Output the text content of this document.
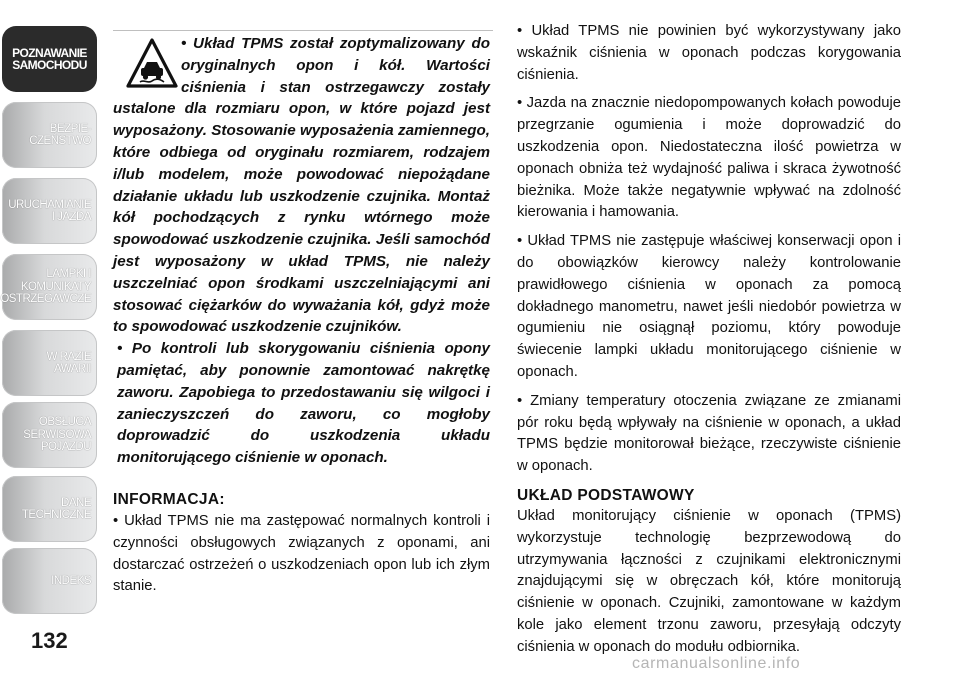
POZNAWANIE
SAMOCHODU
BEZPIE-
CZEŃSTWO
URUCHAMIANIE
I JAZDA
LAMPKI I
KOMUNIKATY
OSTRZEGAWCZE
W RAZIE
AWARII
OBSŁUGA
SERWISOWA
POJAZDU
DANE
TECHNICZNE
INDEKS
132

• Układ TPMS został zoptymalizowany do oryginalnych opon i kół. Wartości ciśnienia i stan ostrzegawczy zostały ustalone dla rozmiaru opon, w które pojazd jest wyposażony. Stosowanie wyposażenia zamiennego, które odbiega od oryginału rozmiarem, rodzajem i/lub modelem, może powodować niepożądane działanie układu lub uszkodzenie czujnika. Montaż kół pochodzących z rynku wtórnego może spowodować uszkodzenie czujnika. Jeśli samochód jest wyposażony w układ TPMS, nie należy uszczelniać opon środkami uszczelniającymi ani stosować ciężarków do wyważania kół, gdyż może to spowodować uszkodzenie czujników.

• Po kontroli lub skorygowaniu ciśnienia opony pamiętać, aby ponownie zamontować nakrętkę zaworu. Zapobiega to przedostawaniu się wilgoci i zanieczyszczeń do zaworu, co mogłoby doprowadzić do uszkodzenia układu monitorującego ciśnienie w oponach.

INFORMACJA:

• Układ TPMS nie ma zastępować normalnych kontroli i czynności obsługowych związanych z oponami, ani dostarczać ostrzeżeń o uszkodzeniach opon lub ich złym stanie.

• Układ TPMS nie powinien być wykorzystywany jako wskaźnik ciśnienia w oponach podczas korygowania ciśnienia.

• Jazda na znacznie niedopompowanych kołach powoduje przegrzanie ogumienia i może doprowadzić do uszkodzenia opon. Niedostateczna ilość powietrza w oponach obniża też wydajność paliwa i skraca żywotność bieżnika. Może także negatywnie wpływać na zdolność kierowania i hamowania.

• Układ TPMS nie zastępuje właściwej konserwacji opon i do obowiązków kierowcy należy kontrolowanie prawidłowego ciśnienia w oponach za pomocą dokładnego manometru, nawet jeśli niedobór powietrza w ogumieniu nie osiągnął poziomu, który powoduje świecenie lampki układu monitorującego ciśnienie w oponach.

• Zmiany temperatury otoczenia związane ze zmianami pór roku będą wpływały na ciśnienie w oponach, a układ TPMS będzie monitorował bieżące, rzeczywiste ciśnienie w oponach.

UKŁAD PODSTAWOWY

Układ monitorujący ciśnienie w oponach (TPMS) wykorzystuje technologię bezprzewodową do utrzymywania łączności z czujnikami elektronicznymi znajdującymi się w obręczach kół, które monitorują ciśnienie w oponach. Czujniki, zamontowane w każdym kole jako element trzonu zaworu, przesyłają odczyty ciśnienia w oponach do modułu odbiornika.

carmanualsonline.info
